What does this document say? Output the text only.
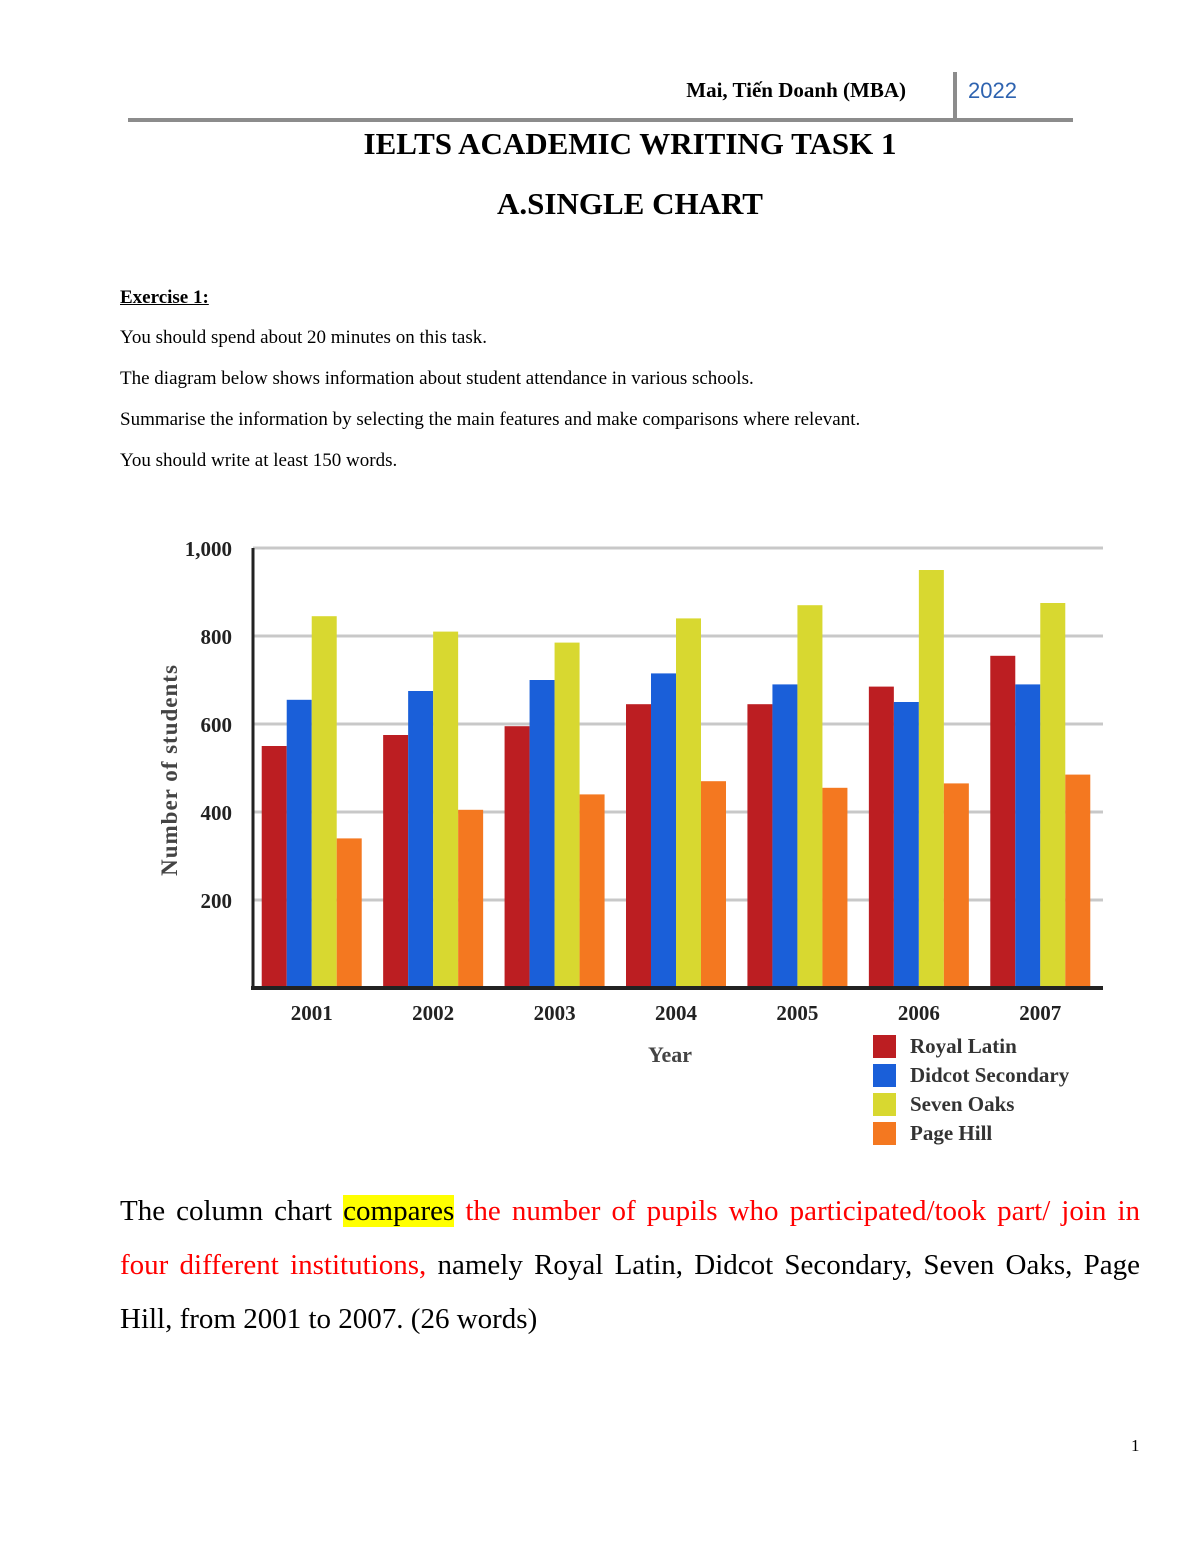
Mai, Tiến Doanh (MBA)	2022
IELTS ACADEMIC WRITING TASK 1
A.SINGLE CHART
Exercise 1:
You should spend about 20 minutes on this task.
The diagram below shows information about student attendance in various schools.
Summarise the information by selecting the main features and make comparisons where relevant.
You should write at least 150 words.
200
400
600
800
1,000
2001	2002	2003	2004	2005	2006	2007
Year
Number of students
Royal Latin
Didcot Secondary
Seven Oaks
Page Hill
The column chart compares the number of pupils who participated/took part/ join in four different institutions, namely Royal Latin, Didcot Secondary, Seven Oaks, Page Hill, from 2001 to 2007. (26 words)
1
